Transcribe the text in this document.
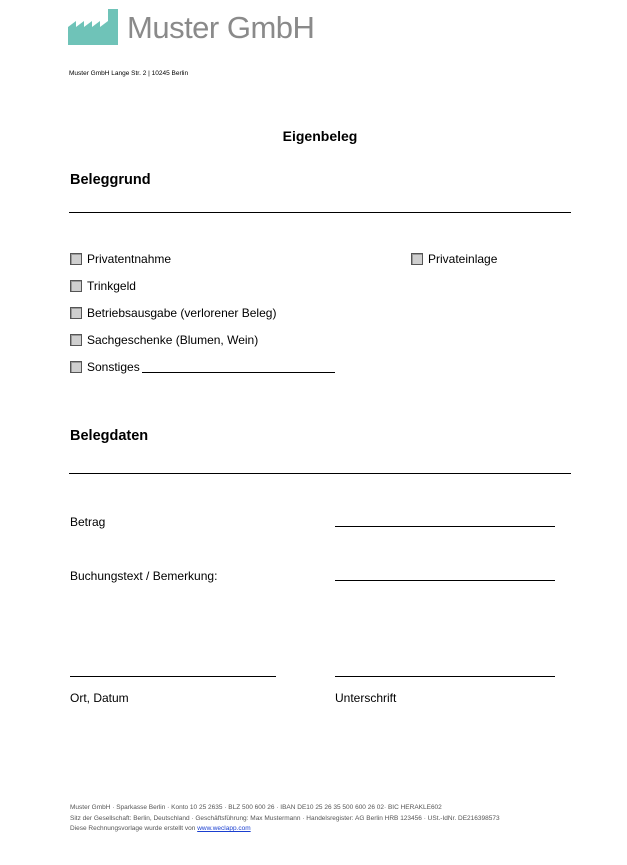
Muster GmbH
Muster GmbH Lange Str. 2 | 10245 Berlin
Eigenbeleg
Beleggrund
Privatentnahme
Trinkgeld
Betriebsausgabe (verlorener Beleg)
Sachgeschenke (Blumen, Wein)
Sonstiges
Privateinlage
Belegdaten
Betrag
Buchungstext / Bemerkung:
Ort, Datum	Unterschrift
Muster GmbH · Sparkasse Berlin · Konto 10 25 2635 · BLZ 500 600 26 · IBAN DE10 25 26 35 500 600 26 02· BIC HERAKLE602
Sitz der Gesellschaft: Berlin, Deutschland · Geschäftsführung: Max Mustermann · Handelsregister: AG Berlin HRB 123456 · USt.-IdNr. DE216398573
Diese Rechnungsvorlage wurde erstellt von www.weclapp.com
